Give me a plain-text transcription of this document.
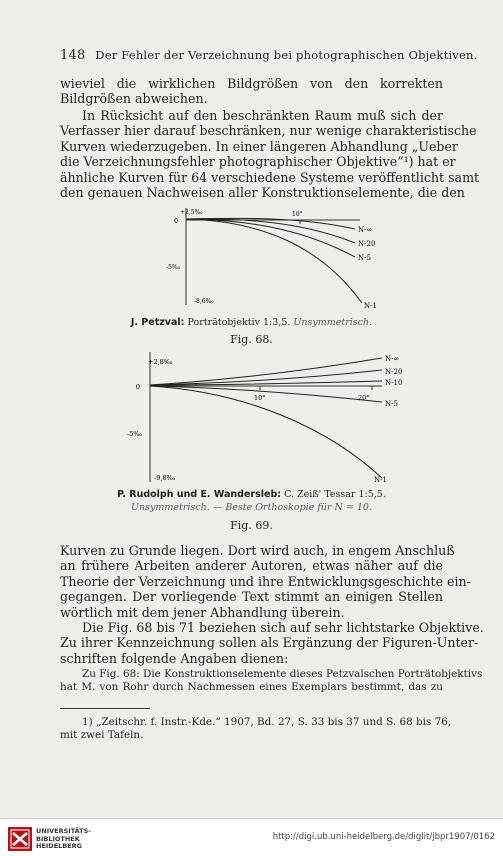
148 Der Fehler der Verzeichnung bei photographischen Objektiven.
wieviel die wirklichen Bildgrößen von den korrekten
Bildgrößen abweichen.
In Rücksicht auf den beschränkten Raum muß sich der
Verfasser hier darauf beschränken, nur wenige charakteristische
Kurven wiederzugeben. In einer längeren Abhandlung „Ueber
die Verzeichnungsfehler photographischer Objektive“¹) hat er
ähnliche Kurven für 64 verschiedene Systeme veröffentlicht samt
den genauen Nachweisen aller Konstruktionselemente, die den
+2,5‰
0
-5‰
-8,6‰
10°
N-∞
N-20
N-5
N-1
J. Petzval: Porträtobjektiv 1:3,5. Unsymmetrisch.
Fig. 68.
+2,8‰
0
-5‰
-9,8‰
10°	20°
N-∞
N-20
N-10
N-5
N-1
P. Rudolph und E. Wandersleb: C. Zeiß' Tessar 1:5,5.
Unsymmetrisch. — Beste Orthoskopie für N = 10.
Fig. 69.
Kurven zu Grunde liegen. Dort wird auch, in engem Anschluß
an frühere Arbeiten anderer Autoren, etwas näher auf die
Theorie der Verzeichnung und ihre Entwicklungsgeschichte ein-
gegangen. Der vorliegende Text stimmt an einigen Stellen
wörtlich mit dem jener Abhandlung überein.
Die Fig. 68 bis 71 beziehen sich auf sehr lichtstarke Objektive.
Zu ihrer Kennzeichnung sollen als Ergänzung der Figuren-Unter-
schriften folgende Angaben dienen:
Zu Fig. 68: Die Konstruktionselemente dieses Petzvalschen Porträtobjektivs
hat M. von Rohr durch Nachmessen eines Exemplars bestimmt, das zu
1) „Zeitschr. f. Instr.-Kde.“ 1907, Bd. 27, S. 33 bis 37 und S. 68 bis 76,
mit zwei Tafeln.
UNIVERSITÄTS-
BIBLIOTHEK
HEIDELBERG
http://digi.ub.uni-heidelberg.de/diglit/jbpr1907/0162
